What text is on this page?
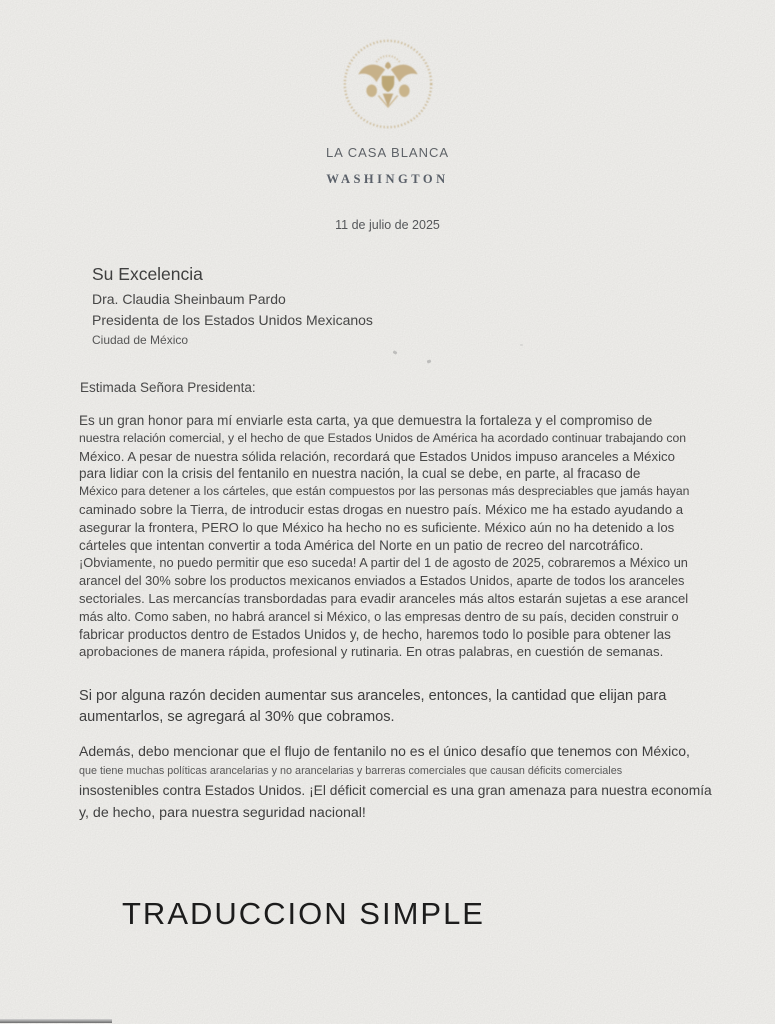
LA CASA BLANCA
WASHINGTON
11 de julio de 2025
Su Excelencia
Dra. Claudia Sheinbaum Pardo
Presidenta de los Estados Unidos Mexicanos
Ciudad de México
Estimada Señora Presidenta:
Es un gran honor para mí enviarle esta carta, ya que demuestra la fortaleza y el compromiso de
nuestra relación comercial, y el hecho de que Estados Unidos de América ha acordado continuar trabajando con
México. A pesar de nuestra sólida relación, recordará que Estados Unidos impuso aranceles a México
para lidiar con la crisis del fentanilo en nuestra nación, la cual se debe, en parte, al fracaso de
México para detener a los cárteles, que están compuestos por las personas más despreciables que jamás hayan
caminado sobre la Tierra, de introducir estas drogas en nuestro país. México me ha estado ayudando a
asegurar la frontera, PERO lo que México ha hecho no es suficiente. México aún no ha detenido a los
cárteles que intentan convertir a toda América del Norte en un patio de recreo del narcotráfico.
¡Obviamente, no puedo permitir que eso suceda! A partir del 1 de agosto de 2025, cobraremos a México un
arancel del 30% sobre los productos mexicanos enviados a Estados Unidos, aparte de todos los aranceles
sectoriales. Las mercancías transbordadas para evadir aranceles más altos estarán sujetas a ese arancel
más alto. Como saben, no habrá arancel si México, o las empresas dentro de su país, deciden construir o
fabricar productos dentro de Estados Unidos y, de hecho, haremos todo lo posible para obtener las
aprobaciones de manera rápida, profesional y rutinaria. En otras palabras, en cuestión de semanas.
Si por alguna razón deciden aumentar sus aranceles, entonces, la cantidad que elijan para
aumentarlos, se agregará al 30% que cobramos.
Además, debo mencionar que el flujo de fentanilo no es el único desafío que tenemos con México,
que tiene muchas políticas arancelarias y no arancelarias y barreras comerciales que causan déficits comerciales
insostenibles contra Estados Unidos. ¡El déficit comercial es una gran amenaza para nuestra economía
y, de hecho, para nuestra seguridad nacional!
TRADUCCION SIMPLE
